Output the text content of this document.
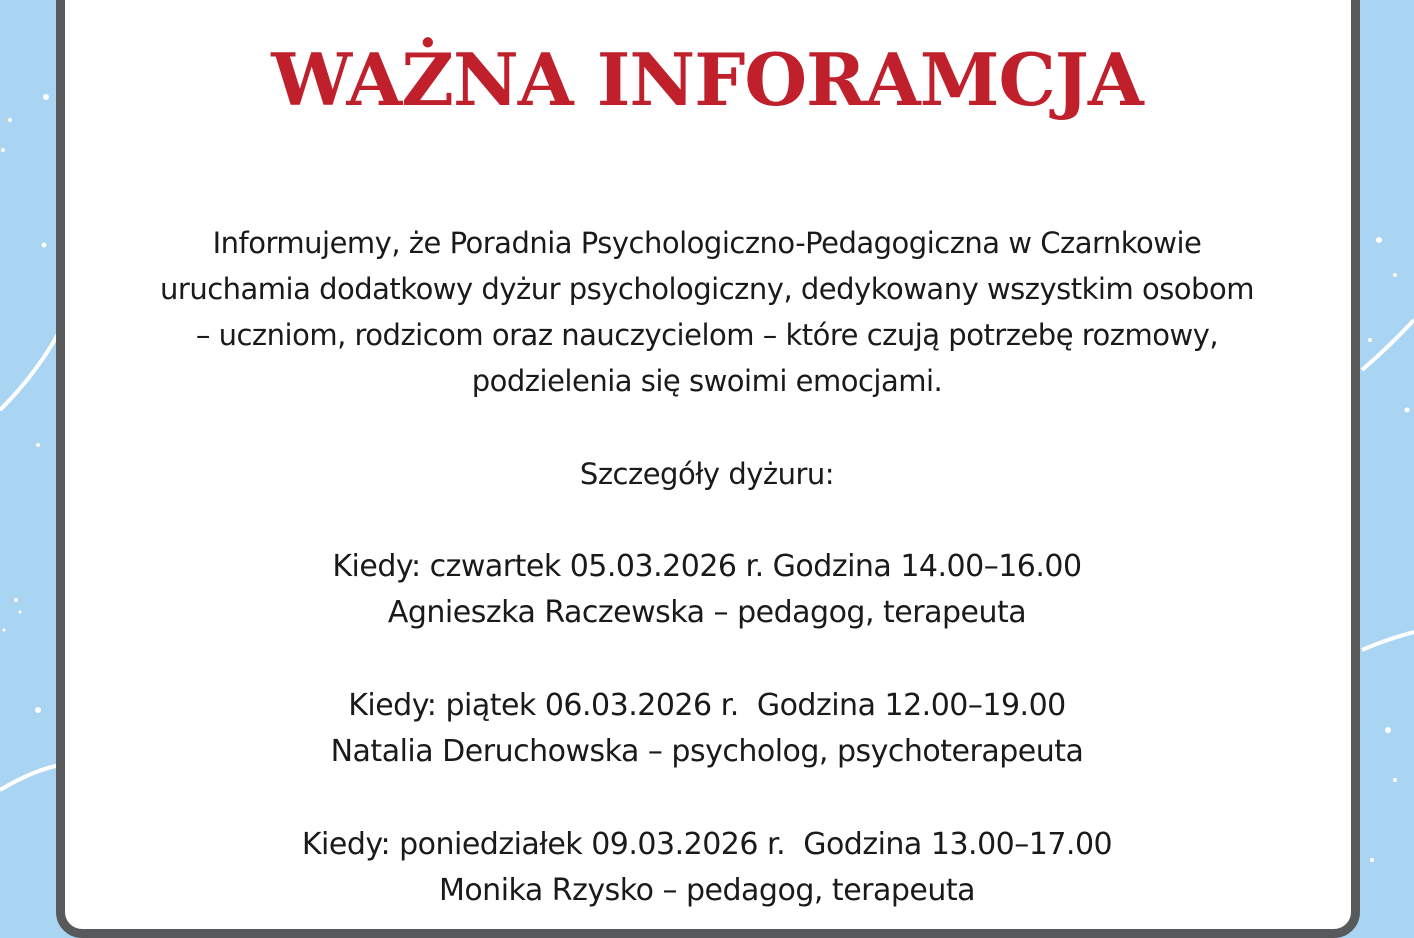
WAŻNA INFORAMCJA

Informujemy, że Poradnia Psychologiczno-Pedagogiczna w Czarnkowie
uruchamia dodatkowy dyżur psychologiczny, dedykowany wszystkim osobom
– uczniom, rodzicom oraz nauczycielom – które czują potrzebę rozmowy,
podzielenia się swoimi emocjami.

Szczegóły dyżuru:
Kiedy: czwartek 05.03.2026 r. Godzina 14.00–16.00
Agnieszka Raczewska – pedagog, terapeuta
Kiedy: piątek 06.03.2026 r.  Godzina 12.00–19.00
Natalia Deruchowska – psycholog, psychoterapeuta
Kiedy: poniedziałek 09.03.2026 r.  Godzina 13.00–17.00
Monika Rzysko – pedagog, terapeuta
